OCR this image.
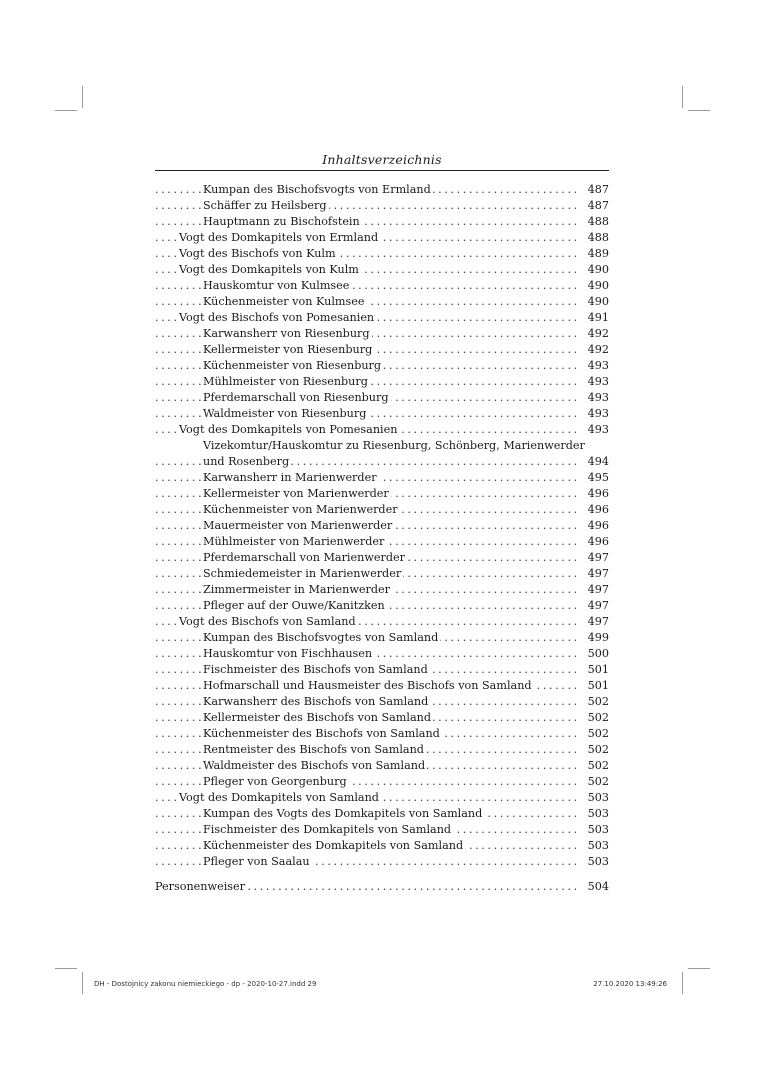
Inhaltsverzeichnis
.....
Kumpan des Bischofsvogts von Ermland	487
.....
Schäffer zu Heilsberg	487
.....
Hauptmann zu Bischofstein	488
.....
Vogt des Domkapitels von Ermland	488
.....
Vogt des Bischofs von Kulm	489
.....
Vogt des Domkapitels von Kulm	490
.....
Hauskomtur von Kulmsee	490
.....
Küchenmeister von Kulmsee	490
.....
Vogt des Bischofs von Pomesanien	491
.....
Karwansherr von Riesenburg	492
.....
Kellermeister von Riesenburg	492
.....
Küchenmeister von Riesenburg	493
.....
Mühlmeister von Riesenburg	493
.....
Pferdemarschall von Riesenburg	493
.....
Waldmeister von Riesenburg	493
.....
Vogt des Domkapitels von Pomesanien	493
Vizekomtur/Hauskomtur zu Riesenburg, Schönberg, Marienwerder
.....
und Rosenberg	494
.....
Karwansherr in Marienwerder	495
.....
Kellermeister von Marienwerder	496
.....
Küchenmeister von Marienwerder	496
.....
Mauermeister von Marienwerder	496
.....
Mühlmeister von Marienwerder	496
.....
Pferdemarschall von Marienwerder	497
.....
Schmiedemeister in Marienwerder	497
.....
Zimmermeister in Marienwerder	497
.....
Pfleger auf der Ouwe/Kanitzken	497
.....
Vogt des Bischofs von Samland	497
.....
Kumpan des Bischofsvogtes von Samland	499
.....
Hauskomtur von Fischhausen	500
.....
Fischmeister des Bischofs von Samland	501
.....
Hofmarschall und Hausmeister des Bischofs von Samland	501
.....
Karwansherr des Bischofs von Samland	502
.....
Kellermeister des Bischofs von Samland	502
.....
Küchenmeister des Bischofs von Samland	502
.....
Rentmeister des Bischofs von Samland	502
.....
Waldmeister des Bischofs von Samland	502
.....
Pfleger von Georgenburg	502
.....
Vogt des Domkapitels von Samland	503
.....
Kumpan des Vogts des Domkapitels von Samland	503
.....
Fischmeister des Domkapitels von Samland	503
.....
Küchenmeister des Domkapitels von Samland	503
.....
Pfleger von Saalau	503
.....
Personenweiser	504
DH - Dostojnicy zakonu niemieckiego - dp - 2020-10-27.indd 29	27.10.2020 13:49:26
